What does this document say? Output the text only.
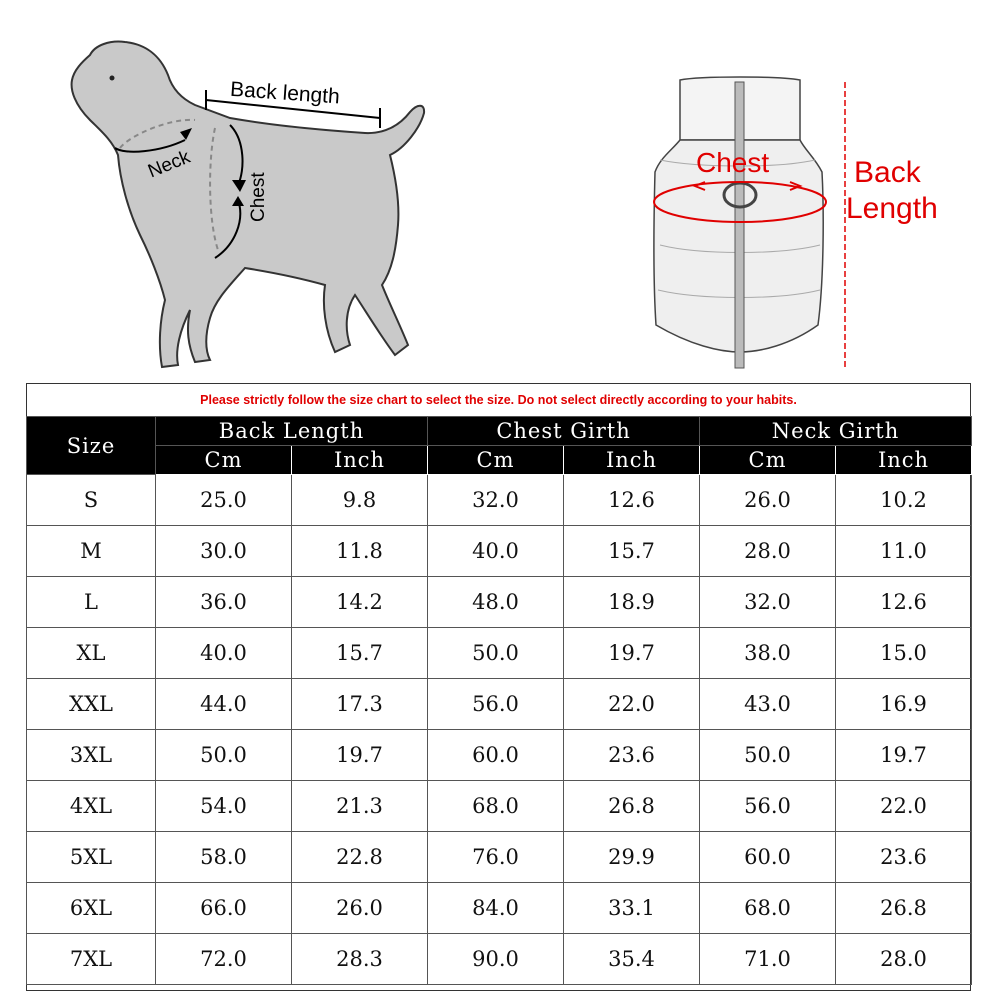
Back length
Neck
Chest
Chest	Back
Length
Please strictly follow the size chart to select the size. Do not select directly according to your habits.
Size	Back Length		Chest Girth		Neck Girth	
	Cm	Inch	Cm	Inch	Cm	Inch
S	25.0	9.8	32.0	12.6	26.0	10.2
M	30.0	11.8	40.0	15.7	28.0	11.0
L	36.0	14.2	48.0	18.9	32.0	12.6
XL	40.0	15.7	50.0	19.7	38.0	15.0
XXL	44.0	17.3	56.0	22.0	43.0	16.9
3XL	50.0	19.7	60.0	23.6	50.0	19.7
4XL	54.0	21.3	68.0	26.8	56.0	22.0
5XL	58.0	22.8	76.0	29.9	60.0	23.6
6XL	66.0	26.0	84.0	33.1	68.0	26.8
7XL	72.0	28.3	90.0	35.4	71.0	28.0
